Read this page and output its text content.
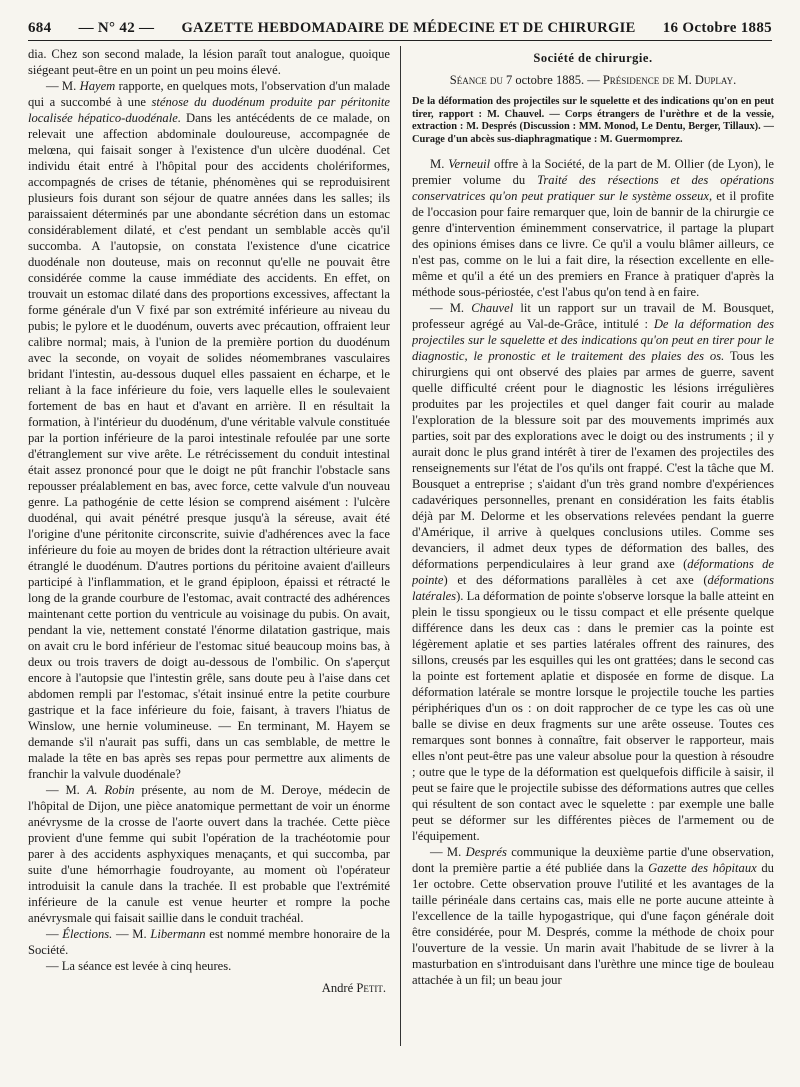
684 — N° 42 — GAZETTE HEBDOMADAIRE DE MÉDECINE ET DE CHIRURGIE 16 Octobre 1885

dia. Chez son second malade, la lésion paraît tout analogue, quoique siégeant peut-être en un point un peu moins élevé.

— M. Hayem rapporte, en quelques mots, l'observation d'un malade qui a succombé à une sténose du duodénum produite par péritonite localisée hépatico-duodénale. Dans les antécédents de ce malade, on relevait une affection abdominale douloureuse, accompagnée de melœna, qui faisait songer à l'existence d'un ulcère duodénal. Cet individu était entré à l'hôpital pour des accidents cholériformes, accompagnés de crises de tétanie, phénomènes qui se reproduisirent plusieurs fois durant son séjour de quatre années dans les salles; ils paraissaient déterminés par une abondante sécrétion dans un estomac considérablement dilaté, et c'est pendant un semblable accès qu'il succomba. A l'autopsie, on constata l'existence d'une cicatrice duodénale non douteuse, mais on reconnut qu'elle ne pouvait être considérée comme la cause immédiate des accidents. En effet, on trouvait un estomac dilaté dans des proportions excessives, affectant la forme générale d'un V fixé par son extrémité inférieure au niveau du pubis; le pylore et le duodénum, ouverts avec précaution, offraient leur calibre normal; mais, à l'union de la première portion du duodénum avec la seconde, on voyait de solides néomembranes vasculaires bridant l'intestin, au-dessous duquel elles passaient en écharpe, et le reliant à la face inférieure du foie, vers laquelle elles le soulevaient fortement de bas en haut et d'avant en arrière. Il en résultait la formation, à l'intérieur du duodénum, d'une véritable valvule constituée par la portion inférieure de la paroi intestinale refoulée par une sorte d'étranglement sur vive arête. Le rétrécissement du conduit intestinal était assez prononcé pour que le doigt ne pût franchir l'obstacle sans repousser préalablement en bas, avec force, cette valvule d'un nouveau genre. La pathogénie de cette lésion se comprend aisément : l'ulcère duodénal, qui avait pénétré presque jusqu'à la séreuse, avait été l'origine d'une péritonite circonscrite, suivie d'adhérences avec la face inférieure du foie au moyen de brides dont la rétraction ultérieure avait étranglé le duodénum. D'autres portions du péritoine avaient d'ailleurs participé à l'inflammation, et le grand épiploon, épaissi et rétracté le long de la grande courbure de l'estomac, avait contracté des adhérences maintenant cette portion du ventricule au voisinage du pubis. On avait, pendant la vie, nettement constaté l'énorme dilatation gastrique, mais on avait cru le bord inférieur de l'estomac situé beaucoup moins bas, à deux ou trois travers de doigt au-dessous de l'ombilic. On s'aperçut encore à l'autopsie que l'intestin grêle, sans doute peu à l'aise dans cet abdomen rempli par l'estomac, s'était insinué entre la petite courbure gastrique et la face inférieure du foie, faisant, à travers l'hiatus de Winslow, une hernie volumineuse. — En terminant, M. Hayem se demande s'il n'aurait pas suffi, dans un cas semblable, de mettre le malade la tête en bas après ses repas pour permettre aux aliments de franchir la valvule duodénale?

— M. A. Robin présente, au nom de M. Deroye, médecin de l'hôpital de Dijon, une pièce anatomique permettant de voir un énorme anévrysme de la crosse de l'aorte ouvert dans la trachée. Cette pièce provient d'une femme qui subit l'opération de la trachéotomie pour parer à des accidents asphyxiques menaçants, et qui succomba, par suite d'une hémorrhagie foudroyante, au moment où l'opérateur introduisit la canule dans la trachée. Il est probable que l'extrémité inférieure de la canule est venue heurter et rompre la poche anévrysmale qui faisait saillie dans le conduit trachéal.

— Élections. — M. Libermann est nommé membre honoraire de la Société.

— La séance est levée à cinq heures.

André Petit.

Société de chirurgie.

Séance du 7 octobre 1885. — Présidence de M. Duplay.

De la déformation des projectiles sur le squelette et des indications qu'on en peut tirer, rapport : M. Chauvel. — Corps étrangers de l'urèthre et de la vessie, extraction : M. Després (Discussion : MM. Monod, Le Dentu, Berger, Tillaux). — Curage d'un abcès sus-diaphragmatique : M. Guermomprez.

M. Verneuil offre à la Société, de la part de M. Ollier (de Lyon), le premier volume du Traité des résections et des opérations conservatrices qu'on peut pratiquer sur le système osseux, et il profite de l'occasion pour faire remarquer que, loin de bannir de la chirurgie ce genre d'intervention éminemment conservatrice, il partage la plupart des opinions émises dans ce livre. Ce qu'il a voulu blâmer ailleurs, ce n'est pas, comme on le lui a fait dire, la résection excellente en elle-même et qu'il a été un des premiers en France à pratiquer d'après la méthode sous-périostée, c'est l'abus qu'on tend à en faire.

— M. Chauvel lit un rapport sur un travail de M. Bousquet, professeur agrégé au Val-de-Grâce, intitulé : De la déformation des projectiles sur le squelette et des indications qu'on peut en tirer pour le diagnostic, le pronostic et le traitement des plaies des os. Tous les chirurgiens qui ont observé des plaies par armes de guerre, savent quelle difficulté créent pour le diagnostic les lésions irrégulières produites par les projectiles et quel danger fait courir au malade l'exploration de la blessure soit par des mouvements imprimés aux parties, soit par des explorations avec le doigt ou des instruments ; il y aurait donc le plus grand intérêt à tirer de l'examen des projectiles des renseignements sur l'état de l'os qu'ils ont frappé. C'est la tâche que M. Bousquet a entreprise ; s'aidant d'un très grand nombre d'expériences cadavériques personnelles, prenant en considération les faits établis déjà par M. Delorme et les observations relevées pendant la guerre d'Amérique, il arrive à quelques conclusions utiles. Comme ses devanciers, il admet deux types de déformation des balles, des déformations perpendiculaires à leur grand axe (déformations de pointe) et des déformations parallèles à cet axe (déformations latérales). La déformation de pointe s'observe lorsque la balle atteint en plein le tissu spongieux ou le tissu compact et elle présente quelque différence dans les deux cas : dans le premier cas la pointe est légèrement aplatie et ses parties latérales offrent des rainures, des sillons, creusés par les esquilles qui les ont grattées; dans le second cas la pointe est fortement aplatie et disposée en forme de disque. La déformation latérale se montre lorsque le projectile touche les parties périphériques d'un os : on doit rapprocher de ce type les cas où une balle se divise en deux fragments sur une arête osseuse. Toutes ces remarques sont bonnes à connaître, fait observer le rapporteur, mais elles n'ont peut-être pas une valeur absolue pour la question à résoudre ; outre que le type de la déformation est quelquefois difficile à saisir, il peut se faire que le projectile subisse des déformations autres que celles qui résultent de son contact avec le squelette : par exemple une balle peut se déformer sur les différentes pièces de l'armement ou de l'équipement.

— M. Després communique la deuxième partie d'une observation, dont la première partie a été publiée dans la Gazette des hôpitaux du 1er octobre. Cette observation prouve l'utilité et les avantages de la taille périnéale dans certains cas, mais elle ne porte aucune atteinte à l'excellence de la taille hypogastrique, qui d'une façon générale doit être considérée, pour M. Després, comme la méthode de choix pour l'ouverture de la vessie. Un marin avait l'habitude de se livrer à la masturbation en s'introduisant dans l'urèthre une mince tige de bouleau attachée à un fil; un beau jour
